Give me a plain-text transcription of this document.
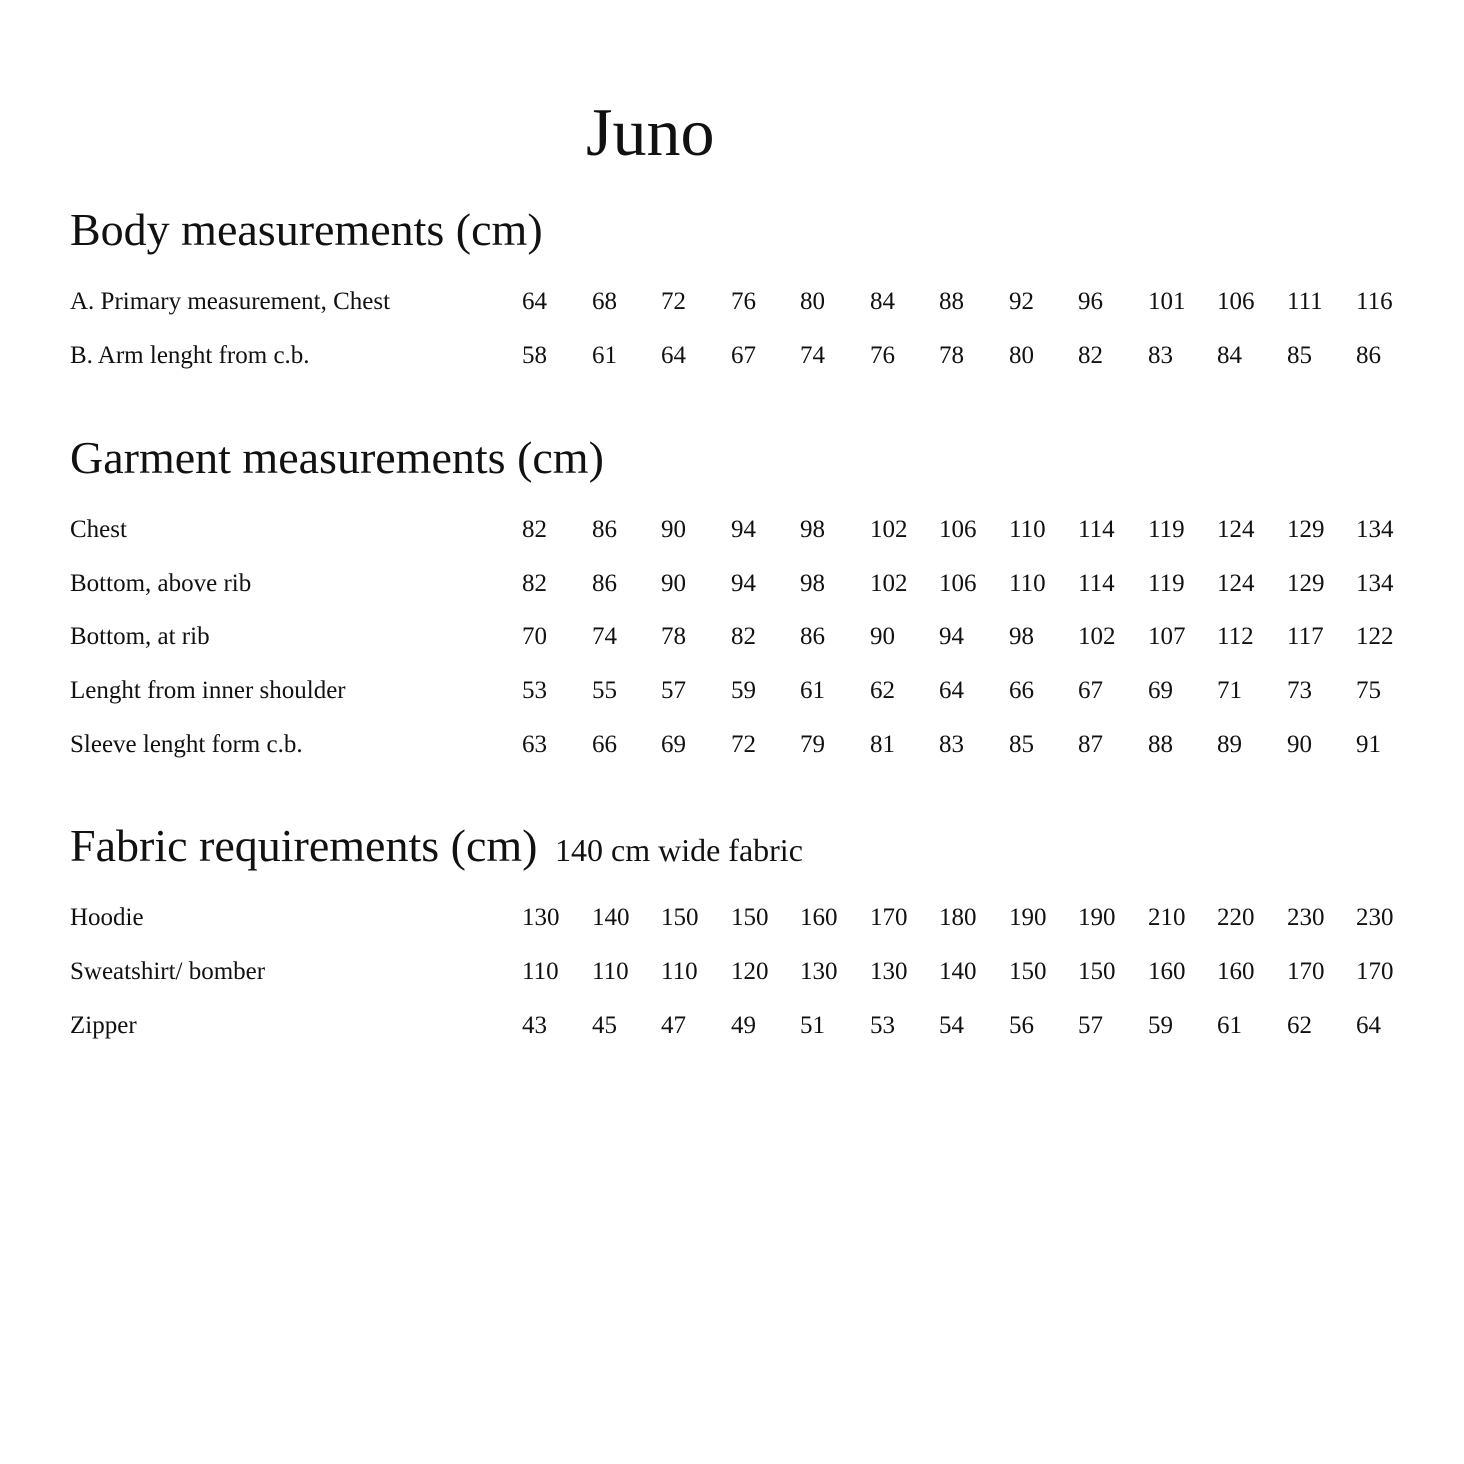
Juno
Body measurements (cm)
A. Primary measurement, Chest	64 68 72 76 80 84 88 92 96 101 106 111 116
B. Arm lenght from c.b.	58 61 64 67 74 76 78 80 82 83 84 85 86
Garment measurements (cm)
Chest	82 86 90 94 98 102 106 110 114 119 124 129 134
Bottom, above rib	82 86 90 94 98 102 106 110 114 119 124 129 134
Bottom, at rib	70 74 78 82 86 90 94 98 102 107 112 117 122
Lenght from inner shoulder	53 55 57 59 61 62 64 66 67 69 71 73 75
Sleeve lenght form c.b.	63 66 69 72 79 81 83 85 87 88 89 90 91
Fabric requirements (cm) 140 cm wide fabric
Hoodie	130 140 150 150 160 170 180 190 190 210 220 230 230
Sweatshirt/ bomber	110 110 110 120 130 130 140 150 150 160 160 170 170
Zipper	43 45 47 49 51 53 54 56 57 59 61 62 64
